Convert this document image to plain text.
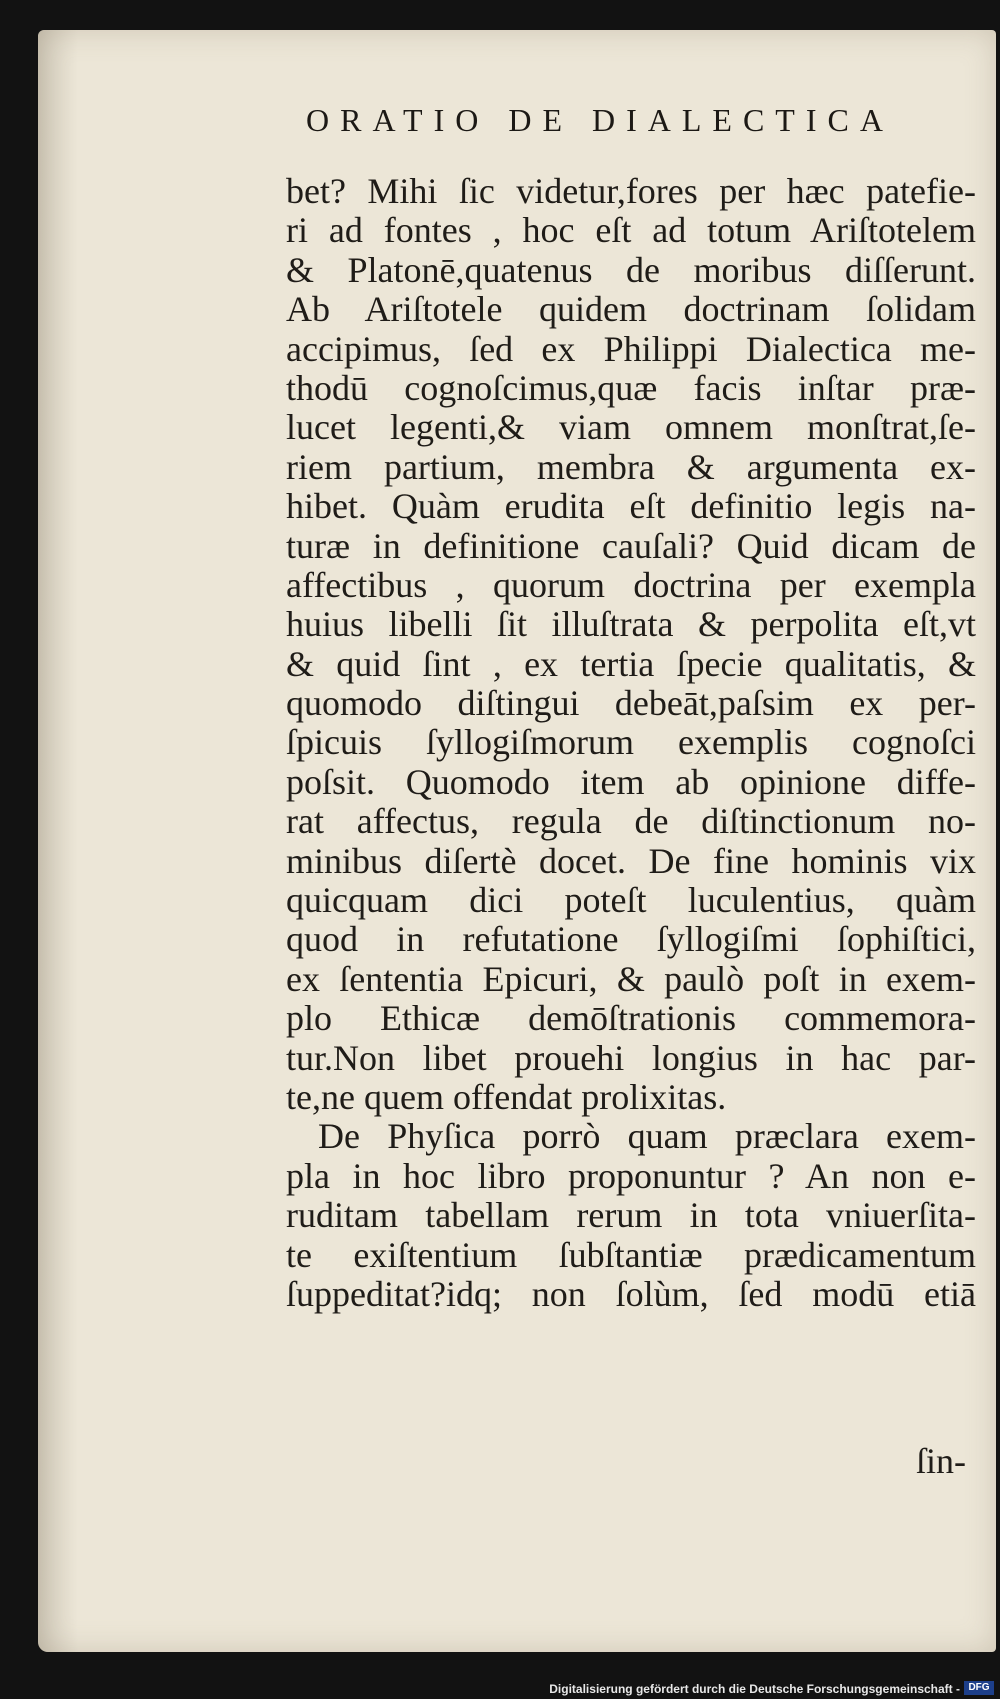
ORATIO DE DIALECTICA
bet? Mihi ſic videtur,fores per hæc patefie-
ri ad fontes , hoc eſt ad totum Ariſtotelem
& Platonē,quatenus de moribus diſſerunt.
Ab Ariſtotele quidem doctrinam ſolidam
accipimus, ſed ex Philippi Dialectica me-
thodū cognoſcimus,quæ facis inſtar præ-
lucet legenti,& viam omnem monſtrat,ſe-
riem partium, membra & argumenta ex-
hibet. Quàm erudita eſt definitio legis na-
turæ in definitione cauſali? Quid dicam de
affectibus , quorum doctrina per exempla
huius libelli ſit illuſtrata & perpolita eſt,vt
& quid ſint , ex tertia ſpecie qualitatis, &
quomodo diſtingui debeāt,paſsim ex per-
ſpicuis ſyllogiſmorum exemplis cognoſci
poſsit. Quomodo item ab opinione diffe-
rat affectus, regula de diſtinctionum no-
minibus diſertè docet. De fine hominis vix
quicquam dici poteſt luculentius, quàm
quod in refutatione ſyllogiſmi ſophiſtici,
ex ſententia Epicuri, & paulò poſt in exem-
plo Ethicæ demōſtrationis commemora-
tur.Non libet prouehi longius in hac par-
te,ne quem offendat prolixitas.
De Phyſica porrò quam præclara exem-
pla in hoc libro proponuntur ? An non e-
ruditam tabellam rerum in tota vniuerſita-
te exiſtentium ſubſtantiæ prædicamentum
ſuppeditat?idq; non ſolùm, ſed modū etiā
ſin-
Digitalisierung gefördert durch die Deutsche Forschungsgemeinschaft - DFG
